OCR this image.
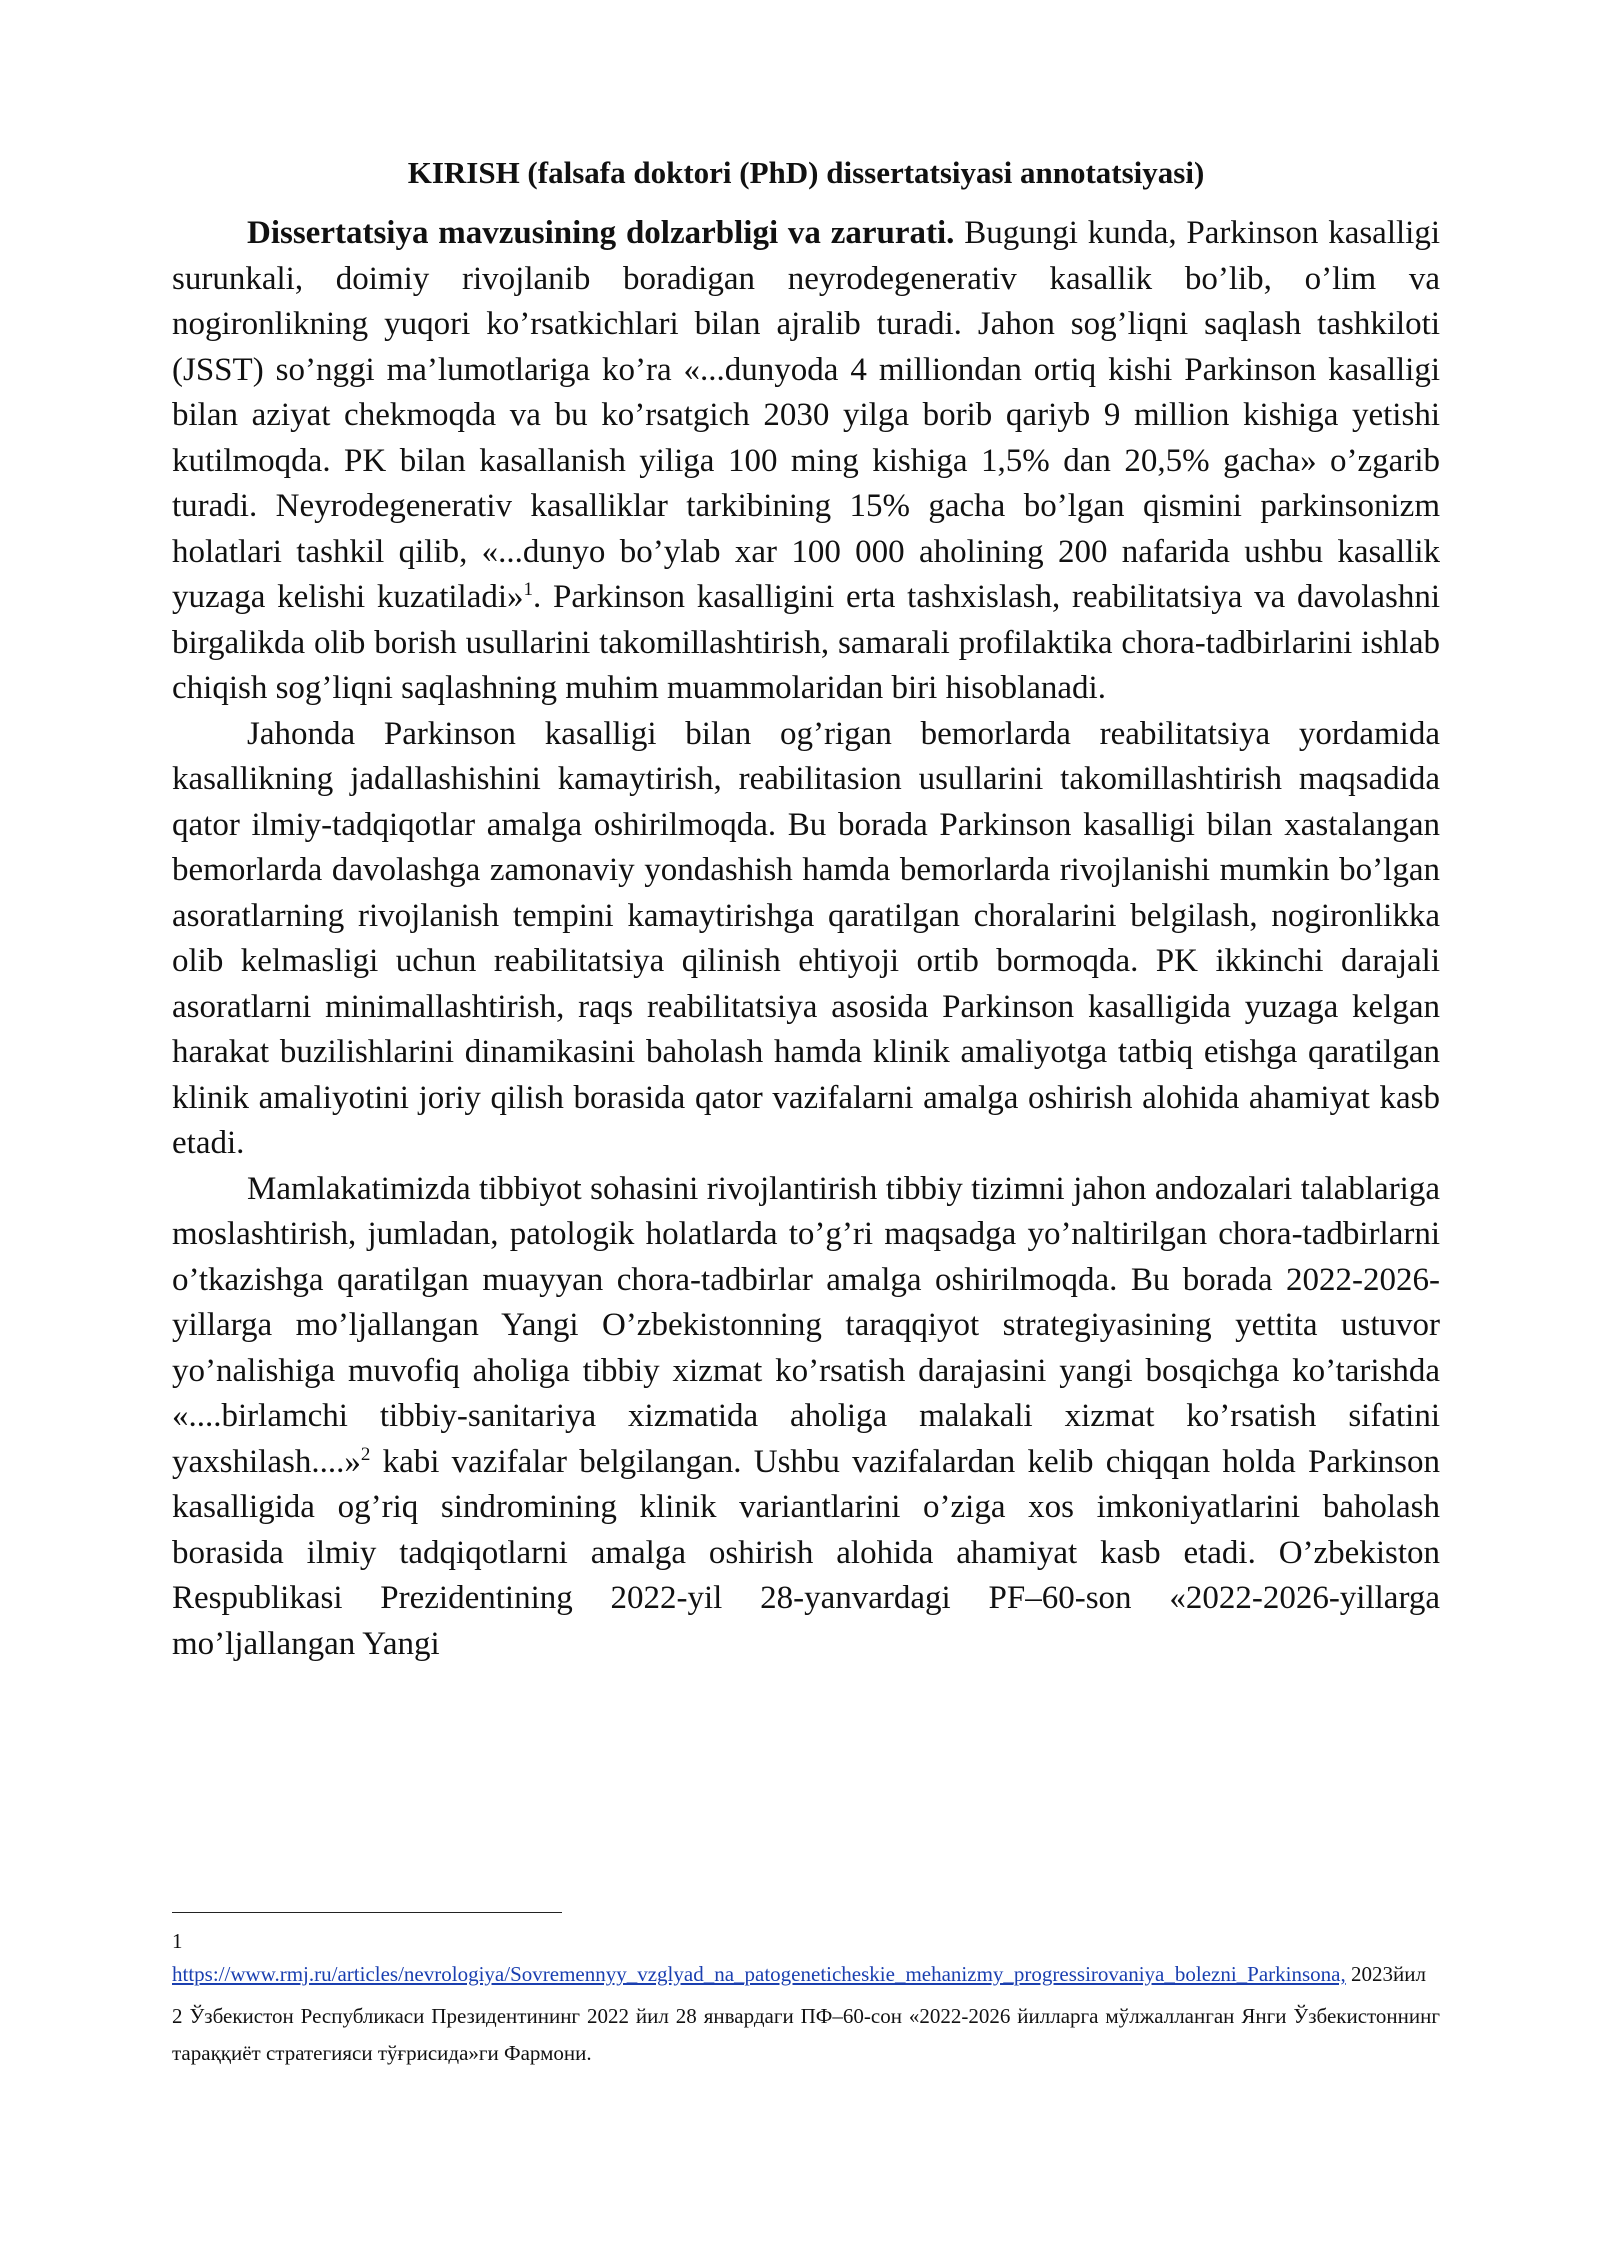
KIRISH (falsafa doktori (PhD) dissertatsiyasi annotatsiyasi)

Dissertatsiya mavzusining dolzarbligi va zarurati. Bugungi kunda, Parkinson kasalligi surunkali, doimiy rivojlanib boradigan neyrodegenerativ kasallik bo’lib, o’lim va nogironlikning yuqori ko’rsatkichlari bilan ajralib turadi. Jahon sog’liqni saqlash tashkiloti (JSST) so’nggi ma’lumotlariga ko’ra «...dunyoda 4 milliondan ortiq kishi Parkinson kasalligi bilan aziyat chekmoqda va bu ko’rsatgich 2030 yilga borib qariyb 9 million kishiga yetishi kutilmoqda. PK bilan kasallanish yiliga 100 ming kishiga 1,5% dan 20,5% gacha» o’zgarib turadi. Neyrodegenerativ kasalliklar tarkibining 15% gacha bo’lgan qismini parkinsonizm holatlari tashkil qilib, «...dunyo bo’ylab xar 100 000 aholining 200 nafarida ushbu kasallik yuzaga kelishi kuzatiladi»$^1$. Parkinson kasalligini erta tashxislash, reabilitatsiya va davolashni birgalikda olib borish usullarini takomillashtirish, samarali profilaktika chora-tadbirlarini ishlab chiqish sog’liqni saqlashning muhim muammolaridan biri hisoblanadi.

Jahonda Parkinson kasalligi bilan og’rigan bemorlarda reabilitatsiya yordamida kasallikning jadallashishini kamaytirish, reabilitasion usullarini takomillashtirish maqsadida qator ilmiy-tadqiqotlar amalga oshirilmoqda. Bu borada Parkinson kasalligi bilan xastalangan bemorlarda davolashga zamonaviy yondashish hamda bemorlarda rivojlanishi mumkin bo’lgan asoratlarning rivojlanish tempini kamaytirishga qaratilgan choralarini belgilash, nogironlikka olib kelmasligi uchun reabilitatsiya qilinish ehtiyoji ortib bormoqda. PK ikkinchi darajali asoratlarni minimallashtirish, raqs reabilitatsiya asosida Parkinson kasalligida yuzaga kelgan harakat buzilishlarini dinamikasini baholash hamda klinik amaliyotga tatbiq etishga qaratilgan klinik amaliyotini joriy qilish borasida qator vazifalarni amalga oshirish alohida ahamiyat kasb etadi.

Mamlakatimizda tibbiyot sohasini rivojlantirish tibbiy tizimni jahon andozalari talablariga moslashtirish, jumladan, patologik holatlarda to’g’ri maqsadga yo’naltirilgan chora-tadbirlarni o’tkazishga qaratilgan muayyan chora-tadbirlar amalga oshirilmoqda. Bu borada 2022-2026-yillarga mo’ljallangan Yangi O’zbekistonning taraqqiyot strategiyasining yettita ustuvor yo’nalishiga muvofiq aholiga tibbiy xizmat ko’rsatish darajasini yangi bosqichga ko’tarishda «....birlamchi tibbiy-sanitariya xizmatida aholiga malakali xizmat ko’rsatish sifatini yaxshilash....»$^2$ kabi vazifalar belgilangan. Ushbu vazifalardan kelib chiqqan holda Parkinson kasalligida og’riq sindromining klinik variantlarini o’ziga xos imkoniyatlarini baholash borasida ilmiy tadqiqotlarni amalga oshirish alohida ahamiyat kasb etadi. O’zbekiston Respublikasi Prezidentining 2022-yil 28-yanvardagi PF–60-son «2022-2026-yillarga mo’ljallangan Yangi

1
https://www.rmj.ru/articles/nevrologiya/Sovremennyy_vzglyad_na_patogeneticheskie_mehanizmy_progressirovaniya_bolezni_Parkinsona, 2023йил
2 Ўзбекистон Республикаси Президентининг 2022 йил 28 январдаги ПФ–60-сон «2022-2026 йилларга мўлжалланган Янги Ўзбекистоннинг тараққиёт стратегияси тўғрисида»ги Фармони.
